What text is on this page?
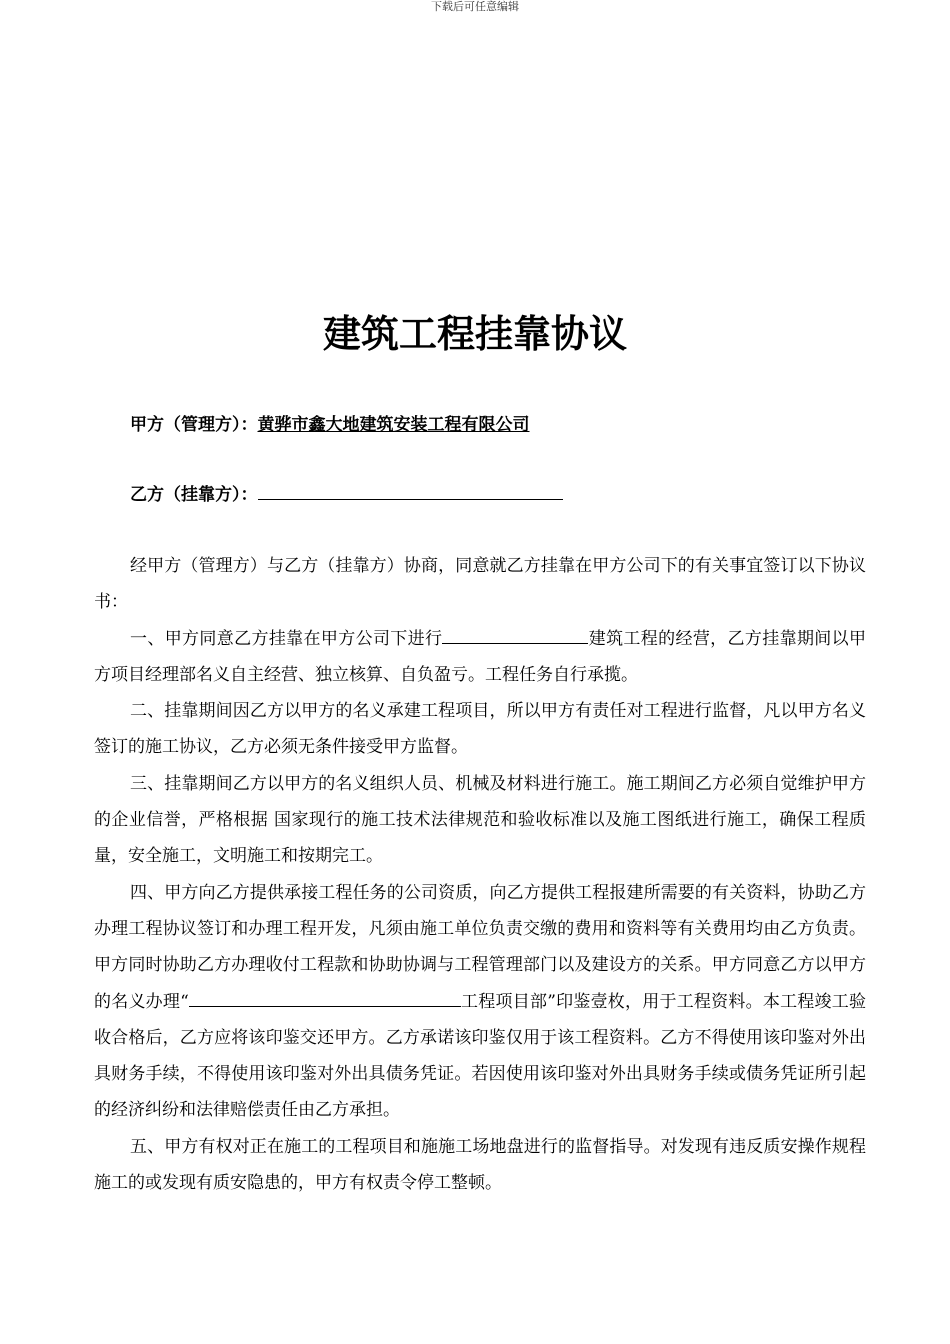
下载后可任意编辑
建筑工程挂靠协议
甲方（管理方）：黄骅市鑫大地建筑安装工程有限公司
乙方（挂靠方）：

经甲方（管理方）与乙方（挂靠方）协商，同意就乙方挂靠在甲方公司下的有关事宜签订以下协议书：

一、甲方同意乙方挂靠在甲方公司下进行	建筑工程的经营，乙方挂靠期间以甲方项目经理部名义自主经营、独立核算、自负盈亏。工程任务自行承揽。

二、挂靠期间因乙方以甲方的名义承建工程项目，所以甲方有责任对工程进行监督，凡以甲方名义签订的施工协议，乙方必须无条件接受甲方监督。

三、挂靠期间乙方以甲方的名义组织人员、机械及材料进行施工。施工期间乙方必须自觉维护甲方的企业信誉，严格根据 国家现行的施工技术法律规范和验收标准以及施工图纸进行施工，确保工程质量，安全施工，文明施工和按期完工。

四、甲方向乙方提供承接工程任务的公司资质，向乙方提供工程报建所需要的有关资料，协助乙方办理工程协议签订和办理工程开发，凡须由施工单位负责交缴的费用和资料等有关费用均由乙方负责。甲方同时协助乙方办理收付工程款和协助协调与工程管理部门以及建设方的关系。甲方同意乙方以甲方的名义办理“	工程项目部”印鉴壹枚，用于工程资料。本工程竣工验收合格后，乙方应将该印鉴交还甲方。乙方承诺该印鉴仅用于该工程资料。乙方不得使用该印鉴对外出具财务手续，不得使用该印鉴对外出具债务凭证。若因使用该印鉴对外出具财务手续或债务凭证所引起的经济纠纷和法律赔偿责任由乙方承担。

五、甲方有权对正在施工的工程项目和施施工场地盘进行的监督指导。对发现有违反质安操作规程施工的或发现有质安隐患的，甲方有权责令停工整顿。
